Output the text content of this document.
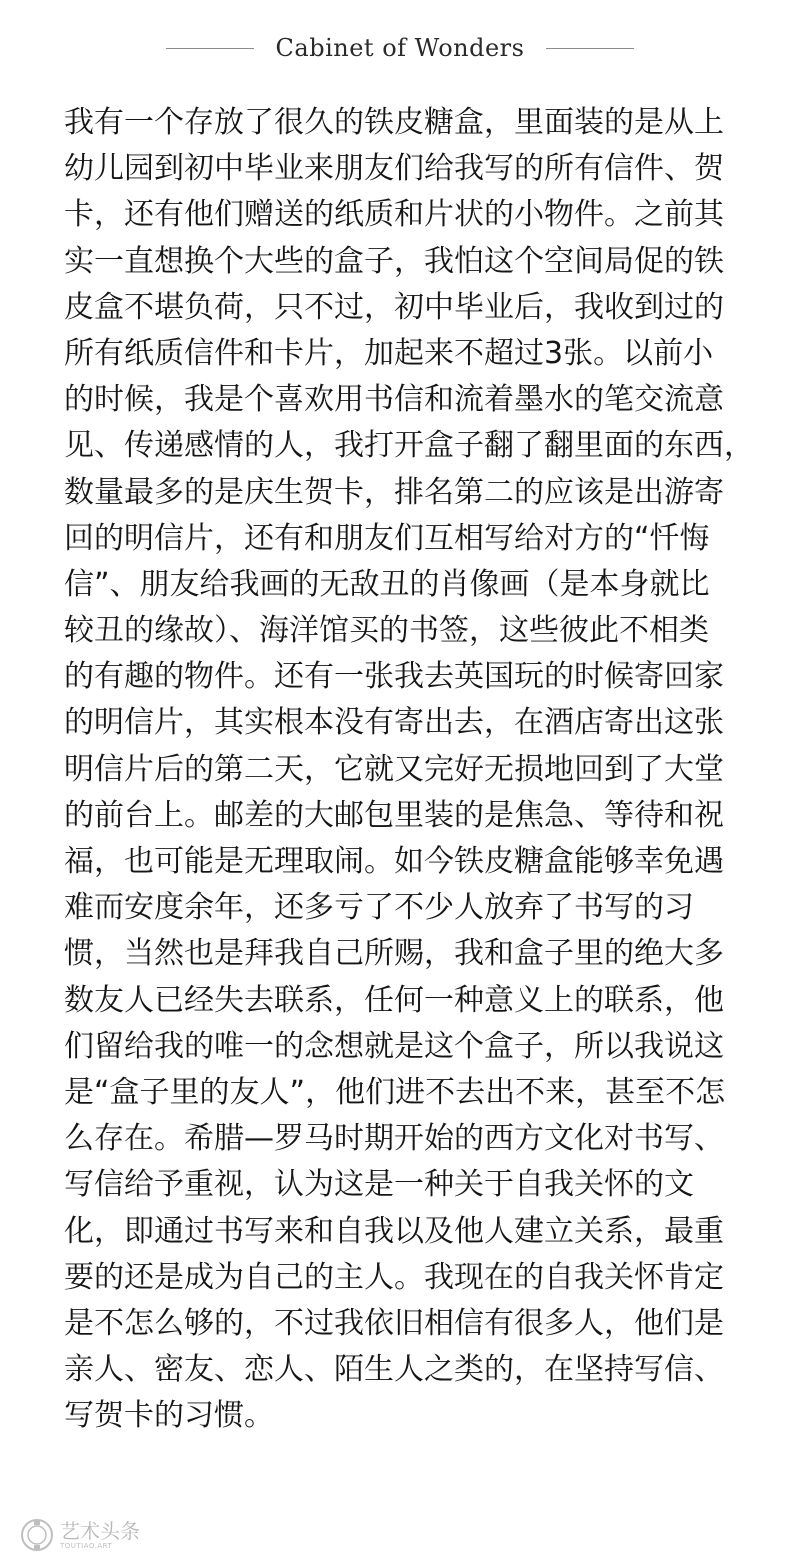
Cabinet of Wonders
我有一个存放了很久的铁皮糖盒，里面装的是从上
幼儿园到初中毕业来朋友们给我写的所有信件、贺
卡，还有他们赠送的纸质和片状的小物件。之前其
实一直想换个大些的盒子，我怕这个空间局促的铁
皮盒不堪负荷，只不过，初中毕业后，我收到过的
所有纸质信件和卡片，加起来不超过3张。以前小
的时候，我是个喜欢用书信和流着墨水的笔交流意
见、传递感情的人，我打开盒子翻了翻里面的东西，
数量最多的是庆生贺卡，排名第二的应该是出游寄
回的明信片，还有和朋友们互相写给对方的“忏悔
信”、朋友给我画的无敌丑的肖像画（是本身就比
较丑的缘故）、海洋馆买的书签，这些彼此不相类
的有趣的物件。还有一张我去英国玩的时候寄回家
的明信片，其实根本没有寄出去，在酒店寄出这张
明信片后的第二天，它就又完好无损地回到了大堂
的前台上。邮差的大邮包里装的是焦急、等待和祝
福，也可能是无理取闹。如今铁皮糖盒能够幸免遇
难而安度余年，还多亏了不少人放弃了书写的习
惯，当然也是拜我自己所赐，我和盒子里的绝大多
数友人已经失去联系，任何一种意义上的联系，他
们留给我的唯一的念想就是这个盒子，所以我说这
是“盒子里的友人”，他们进不去出不来，甚至不怎
么存在。希腊—罗马时期开始的西方文化对书写、
写信给予重视，认为这是一种关于自我关怀的文
化，即通过书写来和自我以及他人建立关系，最重
要的还是成为自己的主人。我现在的自我关怀肯定
是不怎么够的，不过我依旧相信有很多人，他们是
亲人、密友、恋人、陌生人之类的，在坚持写信、
写贺卡的习惯。
艺术头条
TOUTIAO.ART
